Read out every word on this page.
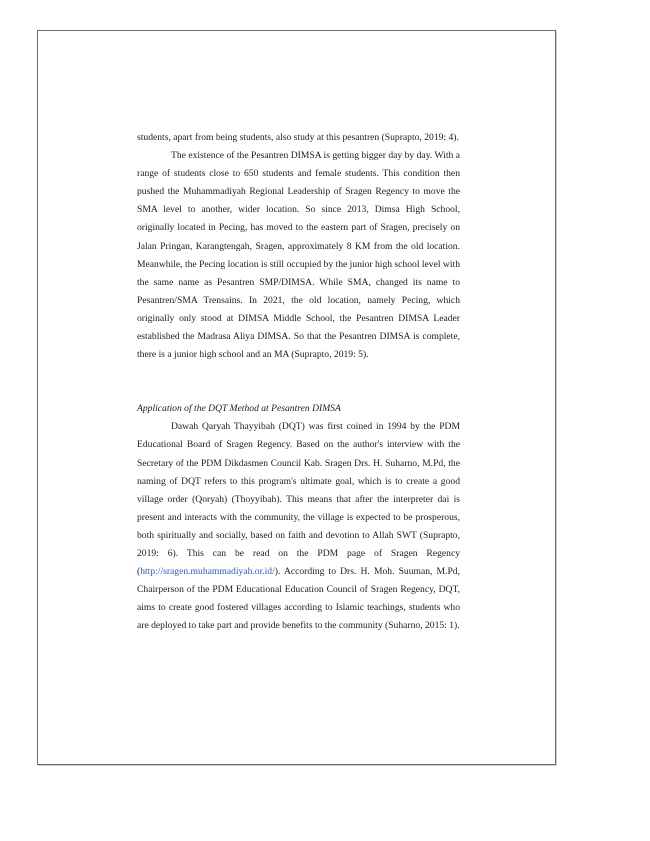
students, apart from being students, also study at this pesantren (Suprapto, 2019: 4).

The existence of the Pesantren DIMSA is getting bigger day by day. With a range of students close to 650 students and female students. This condition then pushed the Muhammadiyah Regional Leadership of Sragen Regency to move the SMA level to another, wider location. So since 2013, Dimsa High School, originally located in Pecing, has moved to the eastern part of Sragen, precisely on Jalan Pringan, Karangtengah, Sragen, approximately 8 KM from the old location. Meanwhile, the Pecing location is still occupied by the junior high school level with the same name as Pesantren SMP/DIMSA. While SMA, changed its name to Pesantren/SMA Trensains. In 2021, the old location, namely Pecing, which originally only stood at DIMSA Middle School, the Pesantren DIMSA Leader established the Madrasa Aliya DIMSA. So that the Pesantren DIMSA is complete, there is a junior high school and an MA (Suprapto, 2019: 5).

Application of the DQT Method at Pesantren DIMSA

Dawah Qaryah Thayyibah (DQT) was first coined in 1994 by the PDM Educational Board of Sragen Regency. Based on the author's interview with the Secretary of the PDM Dikdasmen Council Kab. Sragen Drs. H. Suharno, M.Pd, the naming of DQT refers to this program's ultimate goal, which is to create a good village order (Qoryah) (Thoyyibah). This means that after the interpreter dai is present and interacts with the community, the village is expected to be prosperous, both spiritually and socially, based on faith and devotion to Allah SWT (Suprapto, 2019: 6). This can be read on the PDM page of Sragen Regency (http://sragen.muhammadiyah.or.id/). According to Drs. H. Moh. Suuman, M.Pd, Chairperson of the PDM Educational Education Council of Sragen Regency, DQT, aims to create good fostered villages according to Islamic teachings, students who are deployed to take part and provide benefits to the community (Suharno, 2015: 1).
